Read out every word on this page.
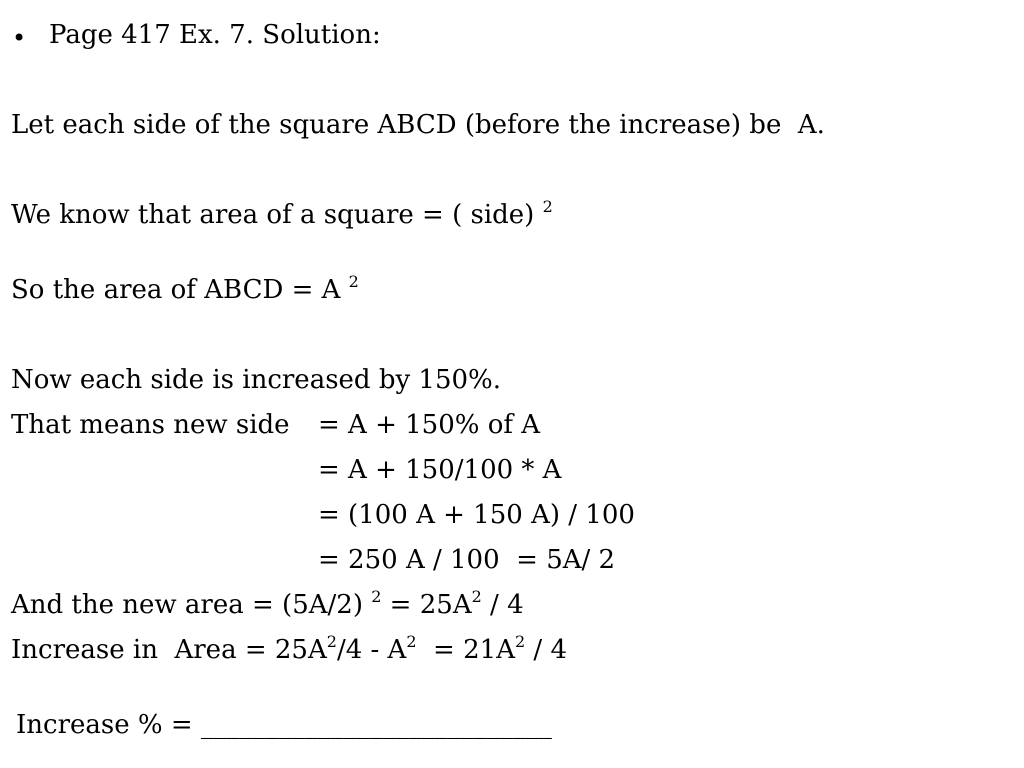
• Page 417 Ex. 7. Solution:
Let each side of the square ABCD (before the increase) be  A.
We know that area of a square = ( side) $^2$
So the area of ABCD = A $^2$
Now each side is increased by 150%.
That means new side = A + 150% of A
= A + 150/100 * A
= (100 A + 150 A) / 100
= 250 A / 100  = 5A/ 2
And the new area = (5A/2) $^2 = 25A^2 / 4$
Increase in  Area = $25A^2/4 - A^2 = 21A^2 / 4$
Increase % = ___________________________
